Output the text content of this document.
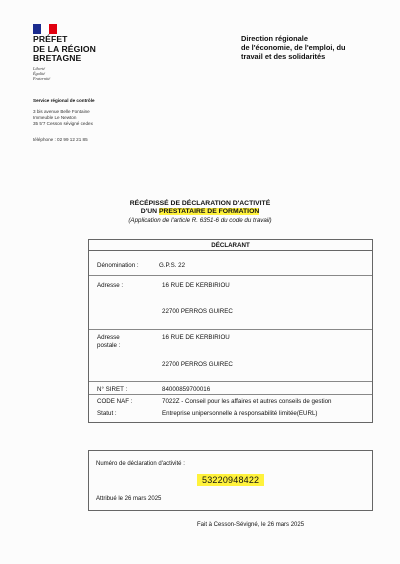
PRÉFET
DE LA RÉGION
BRETAGNE
Liberté
Égalité
Fraternité
Direction régionale
de l'économie, de l'emploi, du
travail et des solidarités
Service régional de contrôle
3 bis avenue Belle Fontaine
Immeuble Le Newton
35 5'7 Cesson sévigné cedex
téléphone : 02 99 12 21 85
RÉCÉPISSÉ DE DÉCLARATION D'ACTIVITÉ
D'UN PRESTATAIRE DE FORMATION
(Application de l'article R. 6351-6 du code du travail)
DÉCLARANT
Dénomination :	G.P.S. 22
Adresse :	16 RUE DE KERBIRIOU
22700 PERROS GUIREC
Adresse
postale :
16 RUE DE KERBIRIOU
22700 PERROS GUIREC
N° SIRET :	84000859700016
CODE NAF :	7022Z - Conseil pour les affaires et autres conseils de gestion
Statut :	Entreprise unipersonnelle à responsabilité limitée(EURL)
Numéro de déclaration d'activité :
53220948422
Attribué le 26 mars 2025
Fait à Cesson-Sévigné, le 26 mars 2025
